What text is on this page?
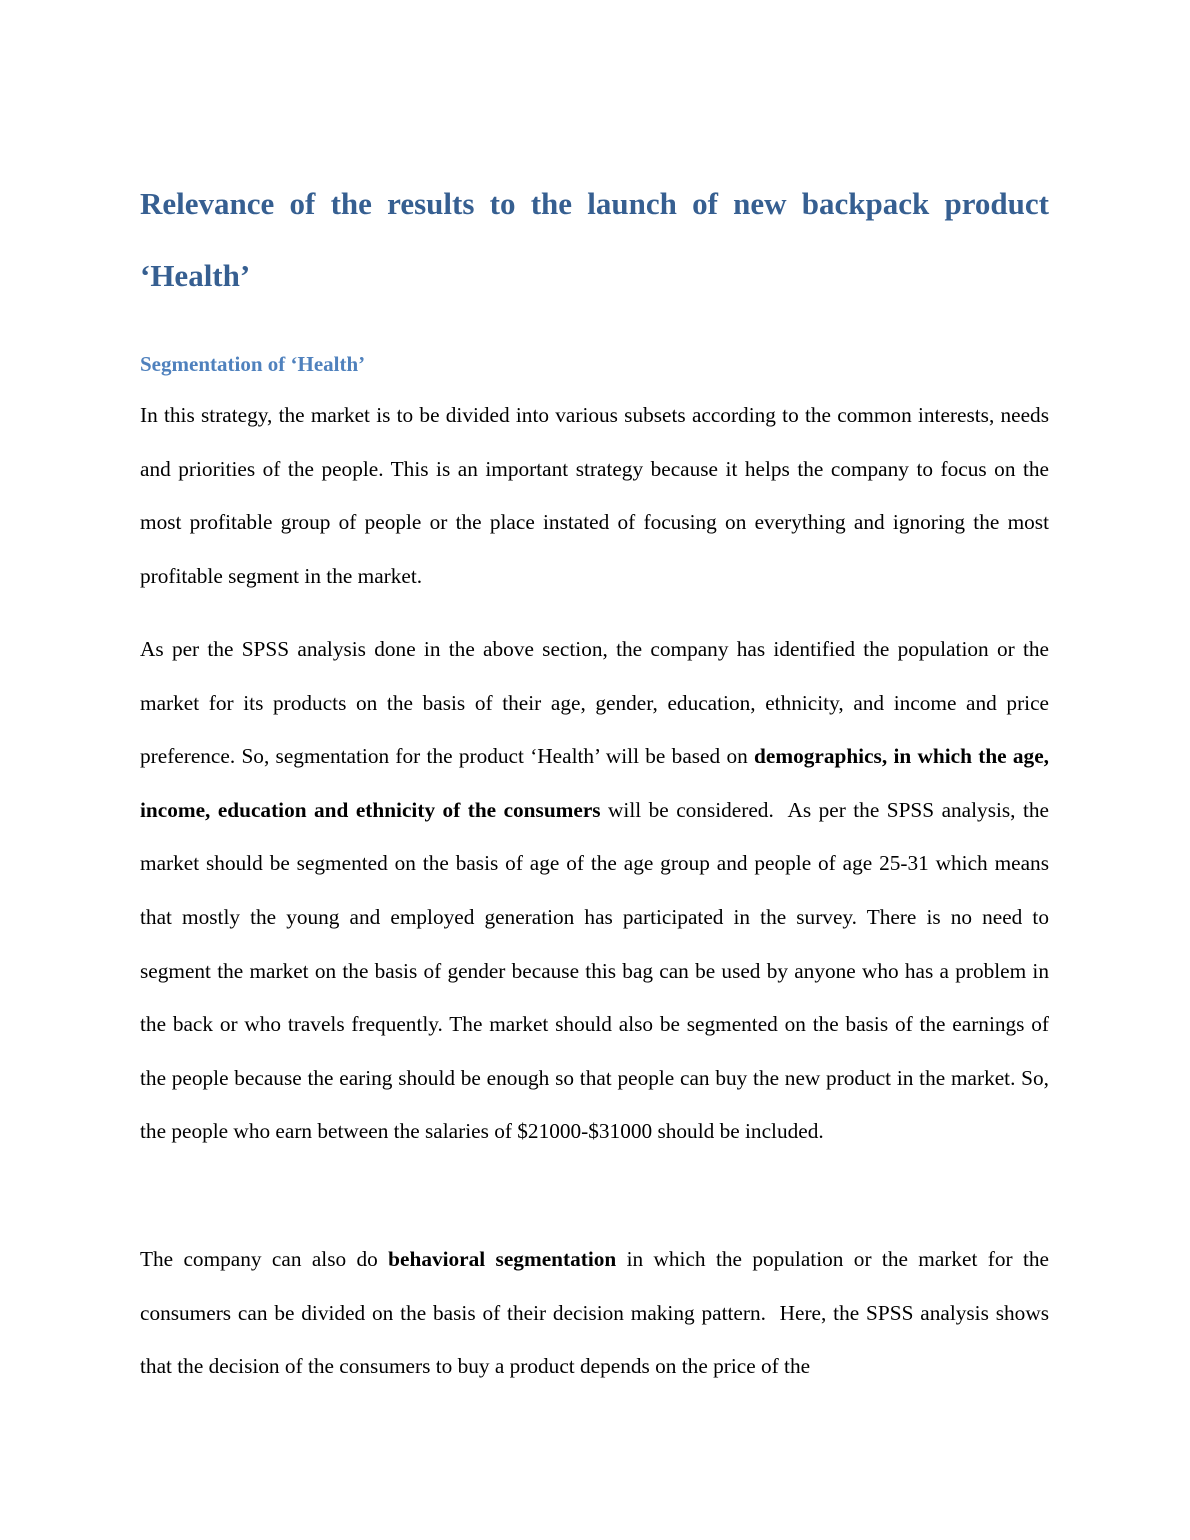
Relevance of the results to the launch of new backpack product ‘Health’
Segmentation of ‘Health’

In this strategy, the market is to be divided into various subsets according to the common interests, needs and priorities of the people. This is an important strategy because it helps the company to focus on the most profitable group of people or the place instated of focusing on everything and ignoring the most profitable segment in the market.

As per the SPSS analysis done in the above section, the company has identified the population or the market for its products on the basis of their age, gender, education, ethnicity, and income and price preference. So, segmentation for the product ‘Health’ will be based on demographics, in which the age, income, education and ethnicity of the consumers will be considered.  As per the SPSS analysis, the market should be segmented on the basis of age of the age group and people of age 25-31 which means that mostly the young and employed generation has participated in the survey. There is no need to segment the market on the basis of gender because this bag can be used by anyone who has a problem in the back or who travels frequently. The market should also be segmented on the basis of the earnings of the people because the earing should be enough so that people can buy the new product in the market. So, the people who earn between the salaries of $21000-$31000 should be included.

The company can also do behavioral segmentation in which the population or the market for the consumers can be divided on the basis of their decision making pattern.  Here, the SPSS analysis shows that the decision of the consumers to buy a product depends on the price of the
